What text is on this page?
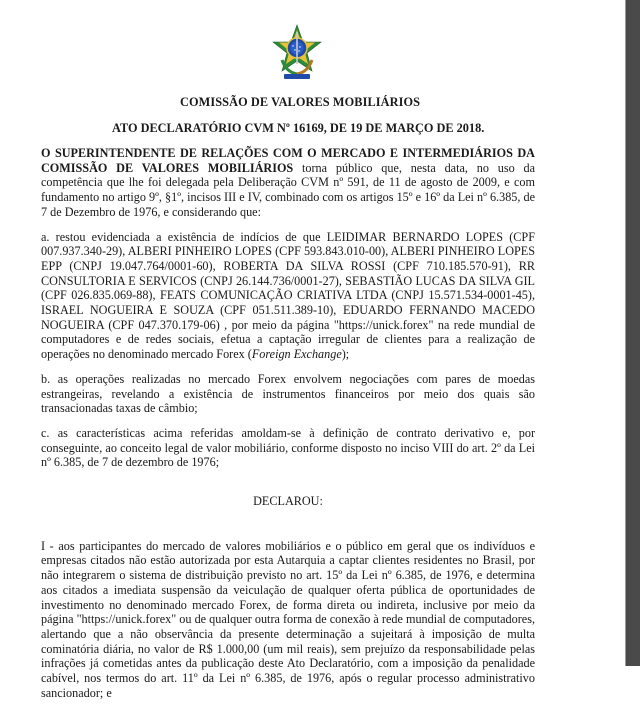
COMISSÃO DE VALORES MOBILIÁRIOS
ATO DECLARATÓRIO CVM Nº 16169, DE 19 DE MARÇO DE 2018.

O SUPERINTENDENTE DE RELAÇÕES COM O MERCADO E INTERMEDIÁRIOS DA COMISSÃO DE VALORES MOBILIÁRIOS torna público que, nesta data, no uso da competência que lhe foi delegada pela Deliberação CVM nº 591, de 11 de agosto de 2009, e com fundamento no artigo 9º, §1º, incisos III e IV, combinado com os artigos 15º e 16º da Lei nº 6.385, de 7 de Dezembro de 1976, e considerando que:

a. restou evidenciada a existência de indícios de que LEIDIMAR BERNARDO LOPES (CPF 007.937.340-29), ALBERI PINHEIRO LOPES (CPF 593.843.010-00), ALBERI PINHEIRO LOPES EPP (CNPJ 19.047.764/0001-60), ROBERTA DA SILVA ROSSI (CPF 710.185.570-91), RR CONSULTORIA E SERVICOS (CNPJ 26.144.736/0001-27), SEBASTIÃO LUCAS DA SILVA GIL (CPF 026.835.069-88), FEATS COMUNICAÇÃO CRIATIVA LTDA (CNPJ 15.571.534-0001-45), ISRAEL NOGUEIRA E SOUZA (CPF 051.511.389-10), EDUARDO FERNANDO MACEDO NOGUEIRA (CPF 047.370.179-06) , por meio da página "https://unick.forex" na rede mundial de computadores e de redes sociais, efetua a captação irregular de clientes para a realização de operações no denominado mercado Forex (Foreign Exchange);

b. as operações realizadas no mercado Forex envolvem negociações com pares de moedas estrangeiras, revelando a existência de instrumentos financeiros por meio dos quais são transacionadas taxas de câmbio;

c. as características acima referidas amoldam-se à definição de contrato derivativo e, por conseguinte, ao conceito legal de valor mobiliário, conforme disposto no inciso VIII do art. 2º da Lei nº 6.385, de 7 de dezembro de 1976;

DECLAROU:

I - aos participantes do mercado de valores mobiliários e o público em geral que os indivíduos e empresas citados não estão autorizada por esta Autarquia a captar clientes residentes no Brasil, por não integrarem o sistema de distribuição previsto no art. 15º da Lei nº 6.385, de 1976, e determina aos citados a imediata suspensão da veiculação de qualquer oferta pública de oportunidades de investimento no denominado mercado Forex, de forma direta ou indireta, inclusive por meio da página "https://unick.forex" ou de qualquer outra forma de conexão à rede mundial de computadores, alertando que a não observância da presente determinação a sujeitará à imposição de multa cominatória diária, no valor de R$ 1.000,00 (um mil reais), sem prejuízo da responsabilidade pelas infrações já cometidas antes da publicação deste Ato Declaratório, com a imposição da penalidade cabível, nos termos do art. 11º da Lei nº 6.385, de 1976, após o regular processo administrativo sancionador; e
